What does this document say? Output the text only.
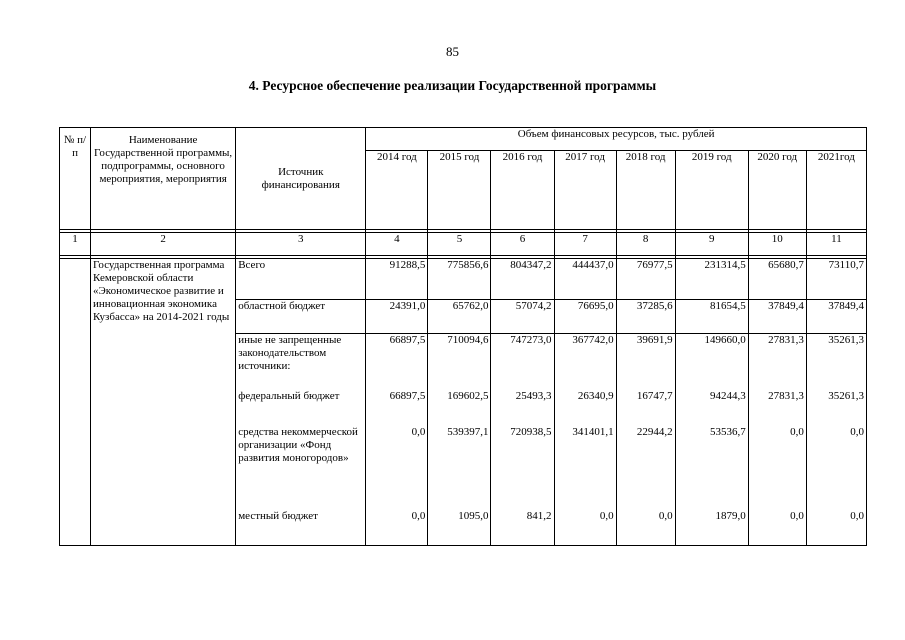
85
4. Ресурсное обеспечение реализации Государственной программы
№ п/п	Наименование Государственной программы, подпрограммы, основного мероприятия, мероприятия	Источник финансирования	Объем финансовых ресурсов, тыс. рублей							
			2014 год	2015 год	2016 год	2017 год	2018 год	2019 год	2020 год	2021год

1	2	3	4	5	6	7	8	9	10	11

	Государственная программа Кемеровской области «Экономическое развитие и инновационная экономика Кузбасса» на 2014-2021 годы	Всего	91288,5	775856,6	804347,2	444437,0	76977,5	231314,5	65680,7	73110,7
		областной бюджет	24391,0	65762,0	57074,2	76695,0	37285,6	81654,5	37849,4	37849,4
		иные не запрещенные законодательством источники:	66897,5	710094,6	747273,0	367742,0	39691,9	149660,0	27831,3	35261,3
		федеральный бюджет	66897,5	169602,5	25493,3	26340,9	16747,7	94244,3	27831,3	35261,3
		средства некоммерческой организации «Фонд развития моногородов»	0,0	539397,1	720938,5	341401,1	22944,2	53536,7	0,0	0,0
		местный бюджет	0,0	1095,0	841,2	0,0	0,0	1879,0	0,0	0,0
